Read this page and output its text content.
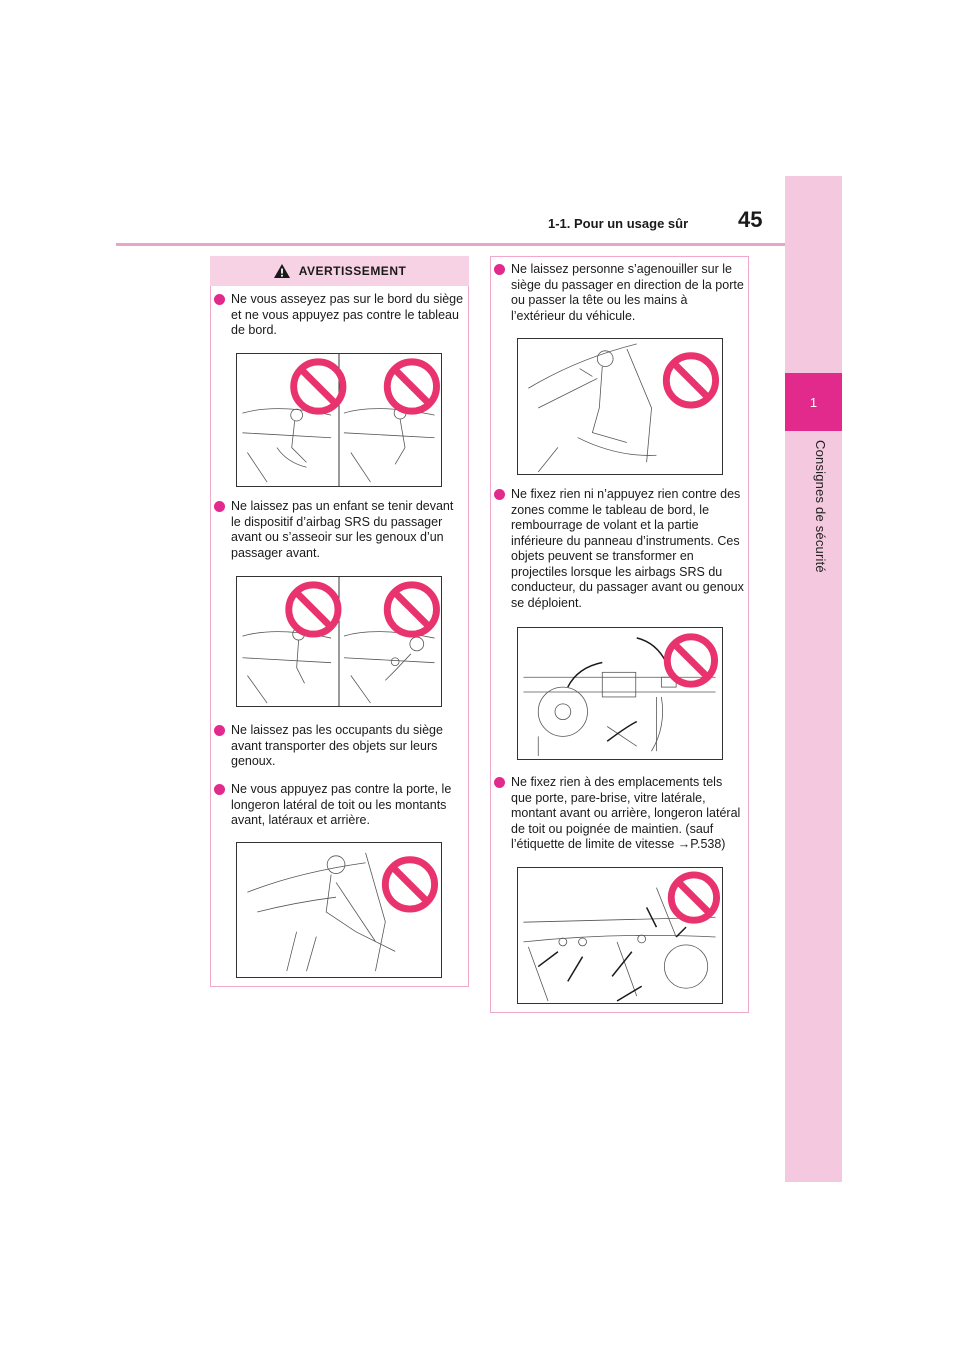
1
Consignes de sécurité
1-1. Pour un usage sûr 45
AVERTISSEMENT
Ne vous asseyez pas sur le bord du siège et ne vous appuyez pas contre le tableau de bord.
Ne laissez pas un enfant se tenir devant le dispositif d’airbag SRS du passager avant ou s’asseoir sur les genoux d’un passager avant.
Ne laissez pas les occupants du siège avant transporter des objets sur leurs genoux.
Ne vous appuyez pas contre la porte, le longeron latéral de toit ou les montants avant, latéraux et arrière.
Ne laissez personne s’agenouiller sur le siège du passager en direction de la porte ou passer la tête ou les mains à l’extérieur du véhicule.
Ne fixez rien ni n’appuyez rien contre des zones comme le tableau de bord, le rembourrage de volant et la partie inférieure du panneau d’instruments. Ces objets peuvent se transformer en projectiles lorsque les airbags SRS du conducteur, du passager avant ou genoux se déploient.
Ne fixez rien à des emplacements tels que porte, pare-brise, vitre latérale, montant avant ou arrière, longeron latéral de toit ou poignée de maintien. (sauf l’étiquette de limite de vitesse →P.538)
